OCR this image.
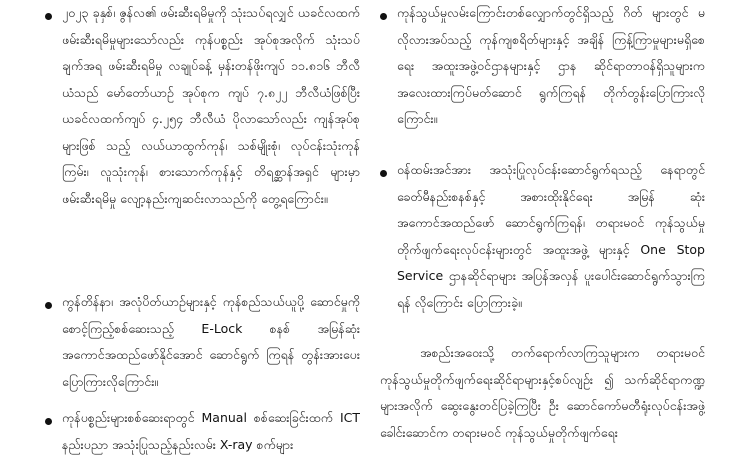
၂၀၂၃ ခုနှစ်၊ ဇွန်လ၏ ဖမ်းဆီးရမိမှုကို သုံးသပ်ရလျှင် ယခင်လထက် ဖမ်းဆီးရမိမှုများသော်လည်း ကုန်ပစ္စည်း အုပ်စုအလိုက် သုံးသပ်ချက်အရ ဖမ်းဆီးရမိမှု လချုပ်ခန့် မှန်းတန်ဖိုးကျပ် ၁၁.၈၁၆ ဘီလီယံသည် မော်တော်ယာဉ် အုပ်စုက ကျပ် ၇.၈၂၂ ဘီလီယံဖြစ်ပြီး ယခင်လထက်ကျပ် ၄.၂၅၄ ဘီလီယံ ပိုလာသော်လည်း ကျန်အုပ်စုများဖြစ် သည့် လယ်ယာထွက်ကုန်၊ သစ်မျိုးစုံ၊ လုပ်ငန်းသုံးကုန် ကြမ်း၊ လူသုံးကုန်၊ စားသောက်ကုန်နှင့် တိရစ္ဆာန်အရှင် များမှာ ဖမ်းဆီးရမိမှု လျော့နည်းကျဆင်းလာသည်ကို တွေ့ရကြောင်း။

ကွန်တိန်နာ၊ အလုံပိတ်ယာဉ်များနှင့် ကုန်စည်သယ်ယူပို့ ဆောင်မှုကို စောင့်ကြည့်စစ်ဆေးသည့် E-Lock စနစ် အမြန်ဆုံးအကောင်အထည်ဖော်နိုင်အောင် ဆောင်ရွက် ကြရန် တွန်းအားပေးပြောကြားလိုကြောင်း။

ကုန်ပစ္စည်းများစစ်ဆေးရာတွင် Manual စစ်ဆေးခြင်းထက် ICT နည်းပညာ အသုံးပြုသည့်နည်းလမ်း X-ray စက်များ

ကုန်သွယ်မှုလမ်းကြောင်းတစ်လျှောက်တွင်ရှိသည့် ဂိတ် များတွင် မလိုလားအပ်သည့် ကုန်ကျစရိတ်များနှင့် အချိန် ကြန့်ကြာမှုများမရှိစေရေး အထူးအဖွဲ့၀င်ဌာနများနှင့် ဌာန ဆိုင်ရာတာဝန်ရှိသူများက အလေးထားကြပ်မတ်ဆောင် ရွက်ကြရန် တိုက်တွန်းပြောကြားလိုကြောင်း။

ဝန်ထမ်းအင်အား အသုံးပြုလုပ်ငန်းဆောင်ရွက်ရသည့် နေရာတွင် ခေတ်မီနည်းစနစ်နှင့် အစားထိုးနိုင်ရေး အမြန် ဆုံး အကောင်အထည်ဖော် ဆောင်ရွက်ကြရန်၊ တရားမဝင် ကုန်သွယ်မှုတိုက်ဖျက်ရေးလုပ်ငန်းများတွင် အထူးအဖွဲ့ များနှင့် One Stop Service ဌာနဆိုင်ရာများ အပြန်အလှန် ပူးပေါင်းဆောင်ရွက်သွားကြရန် လိုကြောင်း ပြောကြားခဲ့။

အစည်းအဝေးသို့ တက်ရောက်လာကြသူများက တရားမဝင် ကုန်သွယ်မှုတိုက်ဖျက်ရေးဆိုင်ရာများနှင့်စပ်လျဉ်း ၍ သက်ဆိုင်ရာကဏ္ဍများအလိုက် ဆွေးနွေးတင်ပြခဲ့ကြပြီး ဦး ဆောင်ကော်မတီရုံးလုပ်ငန်းအဖွဲ့ခေါင်းဆောင်က တရားမဝင် ကုန်သွယ်မှုတိုက်ဖျက်ရေး
